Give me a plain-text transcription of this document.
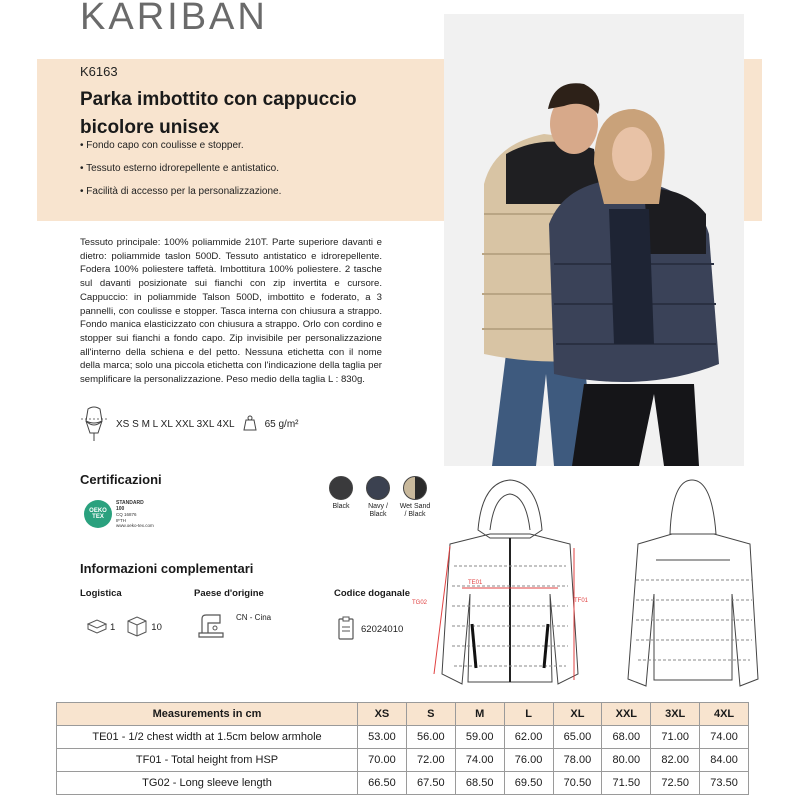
KARIBAN
K6163
Parka imbottito con cappuccio bicolore unisex
• Fondo capo con coulisse e stopper.
• Tessuto esterno idrorepellente e antistatico.
• Facilità di accesso per la personalizzazione.
Tessuto principale: 100% poliammide 210T. Parte superiore davanti e dietro: poliammide taslon 500D. Tessuto antistatico e idrorepellente. Fodera 100% poliestere taffetà. Imbottitura 100% poliestere. 2 tasche sul davanti posizionate sui fianchi con zip invertita e cursore. Cappuccio: in poliammide Talson 500D, imbottito e foderato, a 3 pannelli, con coulisse e stopper. Tasca interna con chiusura a strappo. Fondo manica elasticizzato con chiusura a strappo. Orlo con cordino e stopper sui fianchi a fondo capo. Zip invisibile per personalizzazione all'interno della schiena e del petto. Nessuna etichetta con il nome della marca; solo una piccola etichetta con l'indicazione della taglia per semplificare la personalizzazione. Peso medio della taglia L : 830g.
XS S M L XL XXL 3XL 4XL	65 g/m²
Certificazioni
OEKO
TEX
STANDARD
100
CQ 16876
IFTH
www.oeko-tex.com
Black	Navy / Black
Wet Sand / Black
Informazioni complementari
Logistica	Paese d'origine	Codice doganale
1	10
CN - Cina
62024010
TE01
TF01
TG02
Measurements in cm	XS	S	M	L	XL	XXL	3XL	4XL
TE01 - 1/2 chest width at 1.5cm below armhole	53.00	56.00	59.00	62.00	65.00	68.00	71.00	74.00
TF01 - Total height from HSP	70.00	72.00	74.00	76.00	78.00	80.00	82.00	84.00
TG02 - Long sleeve length	66.50	67.50	68.50	69.50	70.50	71.50	72.50	73.50
